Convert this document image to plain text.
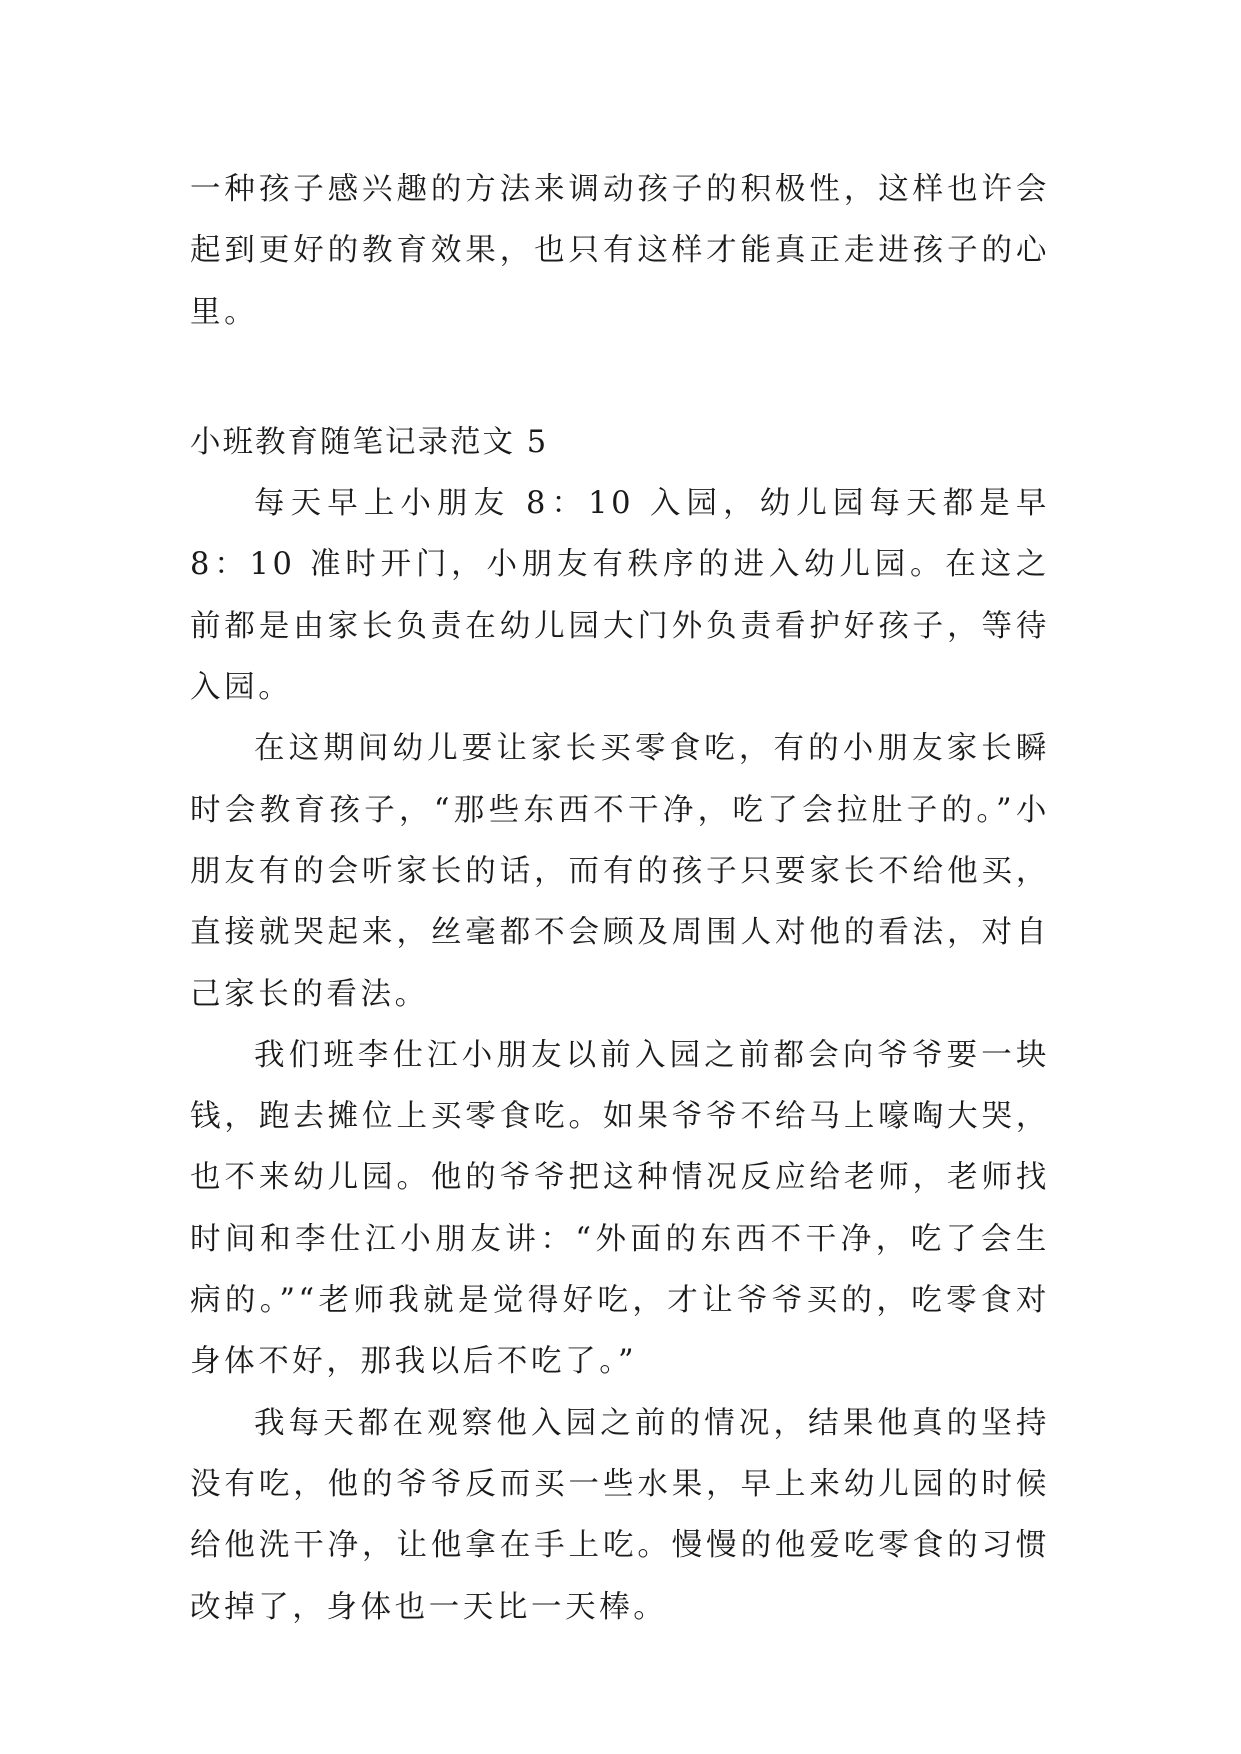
一种孩子感兴趣的方法来调动孩子的积极性，这样也许会起到更好的教育效果，也只有这样才能真正走进孩子的心里。

小班教育随笔记录范文 5

每天早上小朋友 8：10 入园，幼儿园每天都是早 8：10 准时开门，小朋友有秩序的进入幼儿园。在这之前都是由家长负责在幼儿园大门外负责看护好孩子，等待入园。

在这期间幼儿要让家长买零食吃，有的小朋友家长瞬时会教育孩子，“那些东西不干净，吃了会拉肚子的。”小朋友有的会听家长的话，而有的孩子只要家长不给他买，直接就哭起来，丝毫都不会顾及周围人对他的看法，对自己家长的看法。

我们班李仕江小朋友以前入园之前都会向爷爷要一块钱，跑去摊位上买零食吃。如果爷爷不给马上嚎啕大哭，也不来幼儿园。他的爷爷把这种情况反应给老师，老师找时间和李仕江小朋友讲：“外面的东西不干净，吃了会生病的。”“老师我就是觉得好吃，才让爷爷买的，吃零食对身体不好，那我以后不吃了。”

我每天都在观察他入园之前的情况，结果他真的坚持没有吃，他的爷爷反而买一些水果，早上来幼儿园的时候给他洗干净，让他拿在手上吃。慢慢的他爱吃零食的习惯改掉了，身体也一天比一天棒。
